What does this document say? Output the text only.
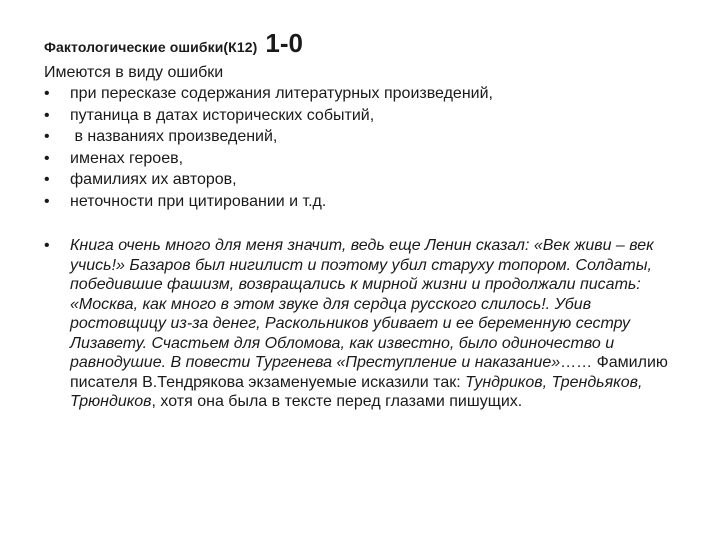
Фактологические ошибки(К12) 1-0
Имеются в виду ошибки
• при пересказе содержания литературных произведений,
• путаница в датах исторических событий,
•  в названиях произведений,
• именах героев,
• фамилиях их авторов,
• неточности при цитировании и т.д.
• Книга очень много для меня значит, ведь еще Ленин сказал: «Век живи – век учись!» Базаров был нигилист и поэтому убил старуху топором. Солдаты, победившие фашизм, возвращались к мирной жизни и продолжали писать: «Москва, как много в этом звуке для сердца русского слилось!. Убив ростовщицу из-за денег, Раскольников убивает и ее беременную сестру Лизавету. Счастьем для Обломова, как известно, было одиночество и равнодушие. В повести Тургенева «Преступление и наказание»…… Фамилию писателя В.Тендрякова экзаменуемые исказили так: Тундриков, Трендьяков, Трюндиков, хотя она была в тексте перед глазами пишущих.
